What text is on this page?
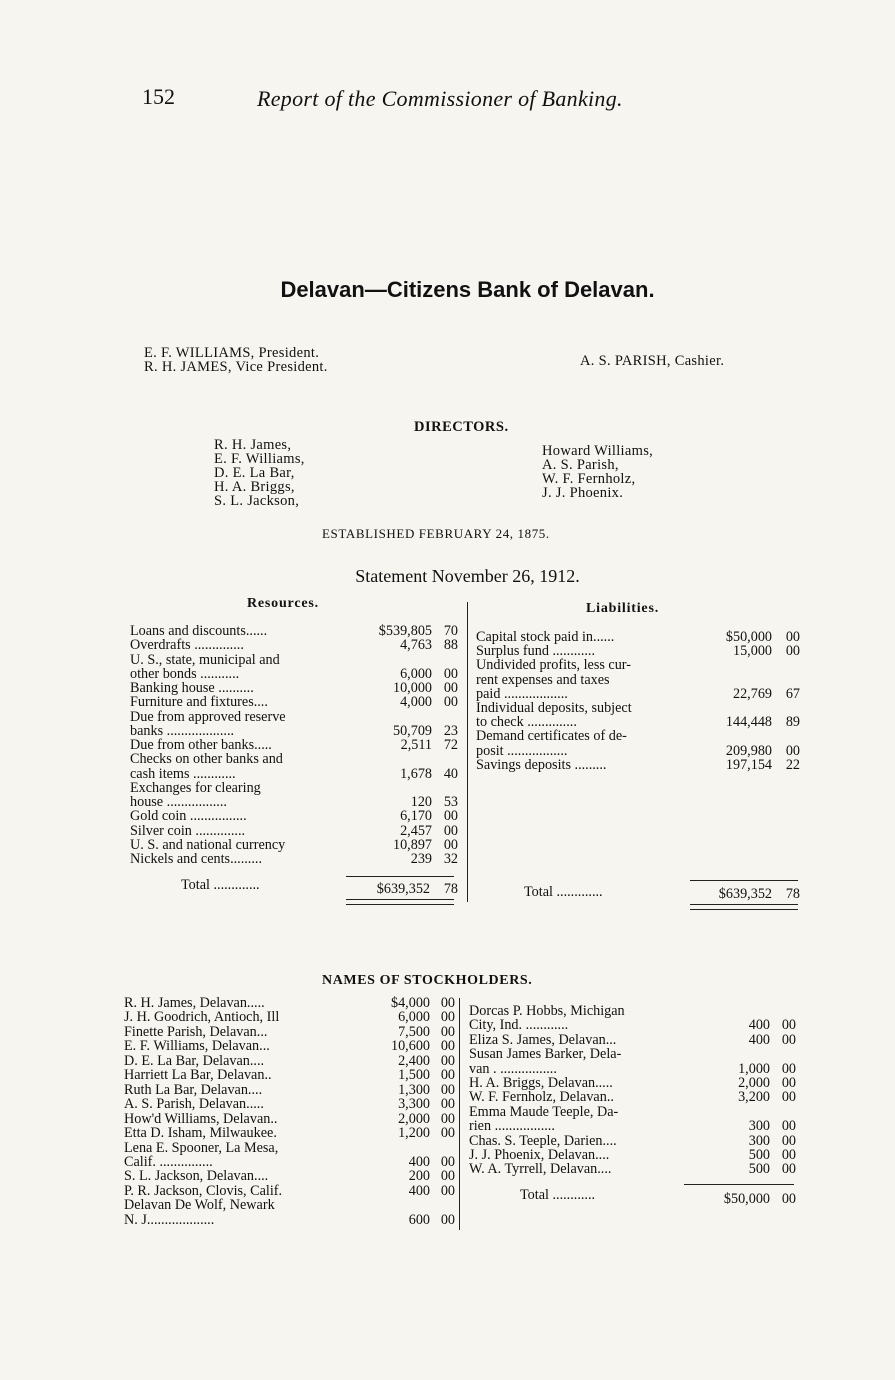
152	Report of the Commissioner of Banking.
Delavan—Citizens Bank of Delavan.
E. F. WILLIAMS, President.
R. H. JAMES, Vice President.	A. S. PARISH, Cashier.
DIRECTORS.
R. H. James,
E. F. Williams,
D. E. La Bar,
H. A. Briggs,
S. L. Jackson,
Howard Williams,
A. S. Parish,
W. F. Fernholz,
J. J. Phoenix.
ESTABLISHED FEBRUARY 24, 1875.
Statement November 26, 1912.
Resources.	Liabilities.
Loans and discounts......	$539,805 70
Overdrafts ..............	4,763 88
U. S., state, municipal and
other bonds ...........	6,000 00
Banking house ..........	10,000 00
Furniture and fixtures....	4,000 00
Due from approved reserve
banks ...................	50,709 23
Due from other banks.....	2,511 72
Checks on other banks and
cash items ............	1,678 40
Exchanges for clearing
house .................	120 53
Gold coin ................	6,170 00
Silver coin ..............	2,457 00
U. S. and national currency	10,897 00
Nickels and cents.........	239 32
Capital stock paid in......	$50,000 00
Surplus fund ............	15,000 00
Undivided profits, less cur-
rent expenses and taxes
paid ..................	22,769 67
Individual deposits, subject
to check ..............	144,448 89
Demand certificates of de-
posit .................	209,980 00
Savings deposits .........	197,154 22
Total .............	$639,352 78	Total .............	$639,352 78
NAMES OF STOCKHOLDERS.
R. H. James, Delavan.....	$4,000 00
J. H. Goodrich, Antioch, Ill	6,000 00
Finette Parish, Delavan...	7,500 00
E. F. Williams, Delavan...	10,600 00
D. E. La Bar, Delavan....	2,400 00
Harriett La Bar, Delavan..	1,500 00
Ruth La Bar, Delavan....	1,300 00
A. S. Parish, Delavan.....	3,300 00
How'd Williams, Delavan..	2,000 00
Etta D. Isham, Milwaukee.	1,200 00
Lena E. Spooner, La Mesa,
Calif. ...............	400 00
S. L. Jackson, Delavan....	200 00
P. R. Jackson, Clovis, Calif.	400 00
Delavan De Wolf, Newark
N. J...................	600 00
Dorcas P. Hobbs, Michigan
City, Ind. ............	400 00
Eliza S. James, Delavan...	400 00
Susan James Barker, Dela-
van . ................	1,000 00
H. A. Briggs, Delavan.....	2,000 00
W. F. Fernholz, Delavan..	3,200 00
Emma Maude Teeple, Da-
rien .................	300 00
Chas. S. Teeple, Darien....	300 00
J. J. Phoenix, Delavan....	500 00
W. A. Tyrrell, Delavan....	500 00
Total ............	$50,000 00
